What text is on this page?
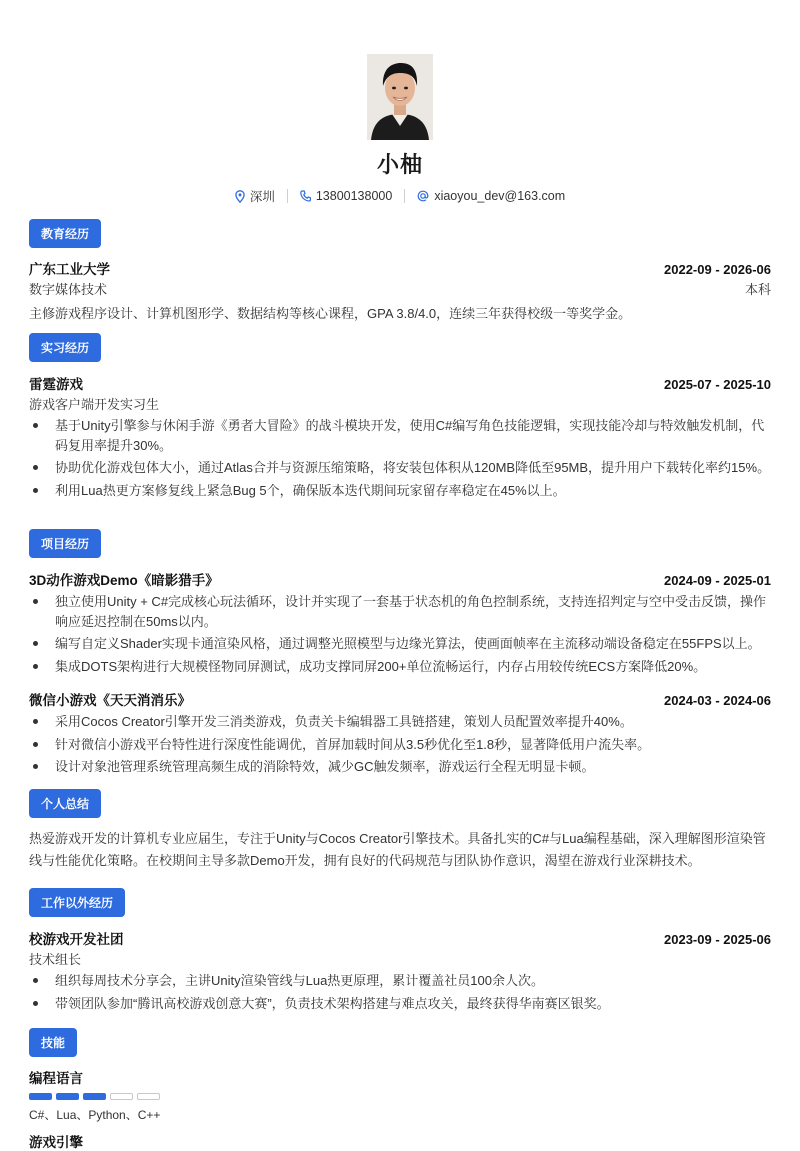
小柚
深圳	13800138000	xiaoyou_dev@163.com
教育经历
广东工业大学	2022-09 - 2026-06
数字媒体技术	本科
主修游戏程序设计、计算机图形学、数据结构等核心课程，GPA 3.8/4.0，连续三年获得校级一等奖学金。
实习经历
雷霆游戏	2025-07 - 2025-10
游戏客户端开发实习生
基于Unity引擎参与休闲手游《勇者大冒险》的战斗模块开发，使用C#编写角色技能逻辑，实现技能冷却与特效触发机制，代码复用率提升30%。
协助优化游戏包体大小，通过Atlas合并与资源压缩策略，将安装包体积从120MB降低至95MB，提升用户下载转化率约15%。
利用Lua热更方案修复线上紧急Bug 5个，确保版本迭代期间玩家留存率稳定在45%以上。
项目经历
3D动作游戏Demo《暗影猎手》	2024-09 - 2025-01
独立使用Unity + C#完成核心玩法循环，设计并实现了一套基于状态机的角色控制系统，支持连招判定与空中受击反馈，操作响应延迟控制在50ms以内。
编写自定义Shader实现卡通渲染风格，通过调整光照模型与边缘光算法，使画面帧率在主流移动端设备稳定在55FPS以上。
集成DOTS架构进行大规模怪物同屏测试，成功支撑同屏200+单位流畅运行，内存占用较传统ECS方案降低20%。
微信小游戏《天天消消乐》	2024-03 - 2024-06
采用Cocos Creator引擎开发三消类游戏，负责关卡编辑器工具链搭建，策划人员配置效率提升40%。
针对微信小游戏平台特性进行深度性能调优，首屏加载时间从3.5秒优化至1.8秒，显著降低用户流失率。
设计对象池管理系统管理高频生成的消除特效，减少GC触发频率，游戏运行全程无明显卡顿。
个人总结
热爱游戏开发的计算机专业应届生，专注于Unity与Cocos Creator引擎技术。具备扎实的C#与Lua编程基础，深入理解图形渲染管线与性能优化策略。在校期间主导多款Demo开发，拥有良好的代码规范与团队协作意识，渴望在游戏行业深耕技术。
工作以外经历
校游戏开发社团	2023-09 - 2025-06
技术组长
组织每周技术分享会，主讲Unity渲染管线与Lua热更原理，累计覆盖社员100余人次。
带领团队参加“腾讯高校游戏创意大赛”，负责技术架构搭建与难点攻关，最终获得华南赛区银奖。
技能
编程语言
C#、Lua、Python、C++
游戏引擎
